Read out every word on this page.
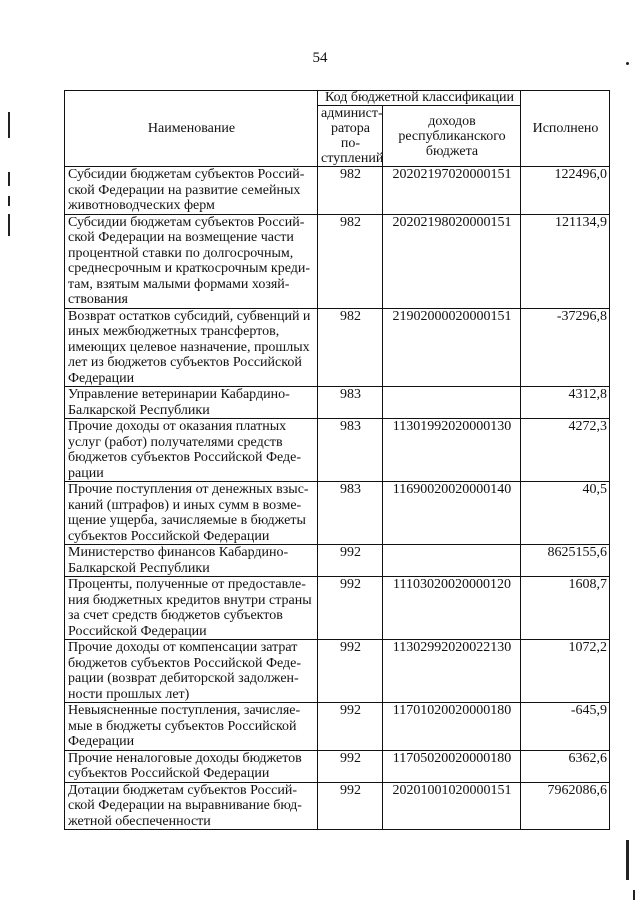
54
Наименование	Код бюджетной классификации		Исполнено
	админист-ратора по-ступлений	доходов республиканского бюджета	
Субсидии бюджетам субъектов Россий-ской Федерации на развитие семейных животноводческих ферм	982	20202197020000151	122496,0
Субсидии бюджетам субъектов Россий-ской Федерации на возмещение части процентной ставки по долгосрочным, среднесрочным и краткосрочным креди-там, взятым малыми формами хозяй-ствования	982	20202198020000151	121134,9
Возврат остатков субсидий, субвенций и иных межбюджетных трансфертов, имеющих целевое назначение, прошлых лет из бюджетов субъектов Российской Федерации	982	21902000020000151	-37296,8
Управление ветеринарии Кабардино-Балкарской Республики	983		4312,8
Прочие доходы от оказания платных услуг (работ) получателями средств бюджетов субъектов Российской Феде-рации	983	11301992020000130	4272,3
Прочие поступления от денежных взыс-каний (штрафов) и иных сумм в возме-щение ущерба, зачисляемые в бюджеты субъектов Российской Федерации	983	11690020020000140	40,5
Министерство финансов Кабардино-Балкарской Республики	992		8625155,6
Проценты, полученные от предоставле-ния бюджетных кредитов внутри страны за счет средств бюджетов субъектов Российской Федерации	992	11103020020000120	1608,7
Прочие доходы от компенсации затрат бюджетов субъектов Российской Феде-рации (возврат дебиторской задолжен-ности прошлых лет)	992	11302992020022130	1072,2
Невыясненные поступления, зачисляе-мые в бюджеты субъектов Российской Федерации	992	11701020020000180	-645,9
Прочие неналоговые доходы бюджетов субъектов Российской Федерации	992	11705020020000180	6362,6
Дотации бюджетам субъектов Россий-ской Федерации на выравнивание бюд-жетной обеспеченности	992	20201001020000151	7962086,6
